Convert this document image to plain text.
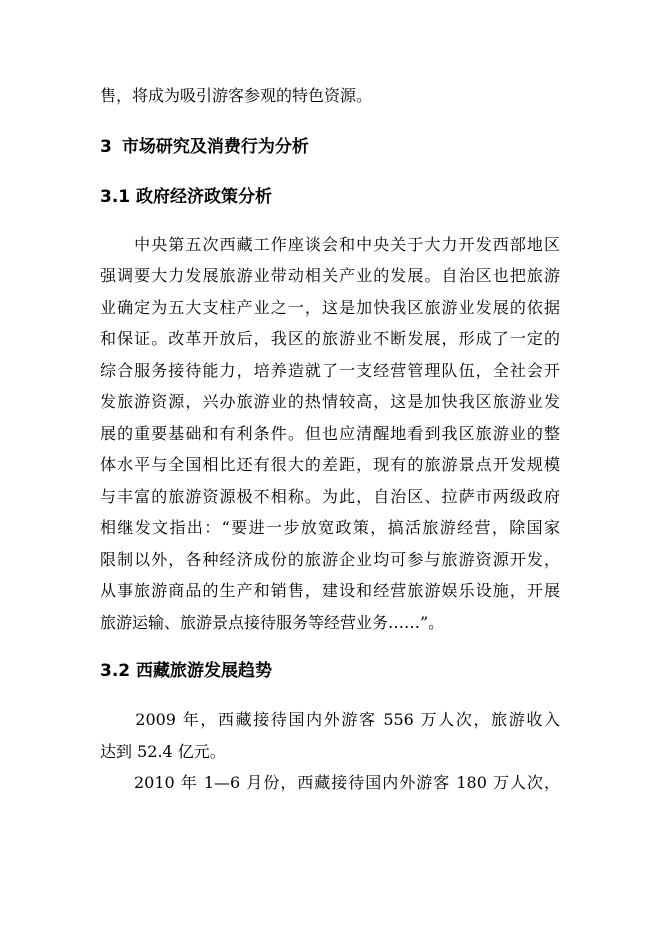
售，将成为吸引游客参观的特色资源。
3 市场研究及消费行为分析
3.1 政府经济政策分析
　　中央第五次西藏工作座谈会和中央关于大力开发西部地区
强调要大力发展旅游业带动相关产业的发展。自治区也把旅游
业确定为五大支柱产业之一，这是加快我区旅游业发展的依据
和保证。改革开放后，我区的旅游业不断发展，形成了一定的
综合服务接待能力，培养造就了一支经营管理队伍，全社会开
发旅游资源，兴办旅游业的热情较高，这是加快我区旅游业发
展的重要基础和有利条件。但也应清醒地看到我区旅游业的整
体水平与全国相比还有很大的差距，现有的旅游景点开发规模
与丰富的旅游资源极不相称。为此，自治区、拉萨市两级政府
相继发文指出：“要进一步放宽政策，搞活旅游经营，除国家
限制以外，各种经济成份的旅游企业均可参与旅游资源开发，
从事旅游商品的生产和销售，建设和经营旅游娱乐设施，开展
旅游运输、旅游景点接待服务等经营业务……”。
3.2 西藏旅游发展趋势
　　2009 年，西藏接待国内外游客 556 万人次，旅游收入
达到 52.4 亿元。
　　2010 年 1—6 月份，西藏接待国内外游客 180 万人次，
